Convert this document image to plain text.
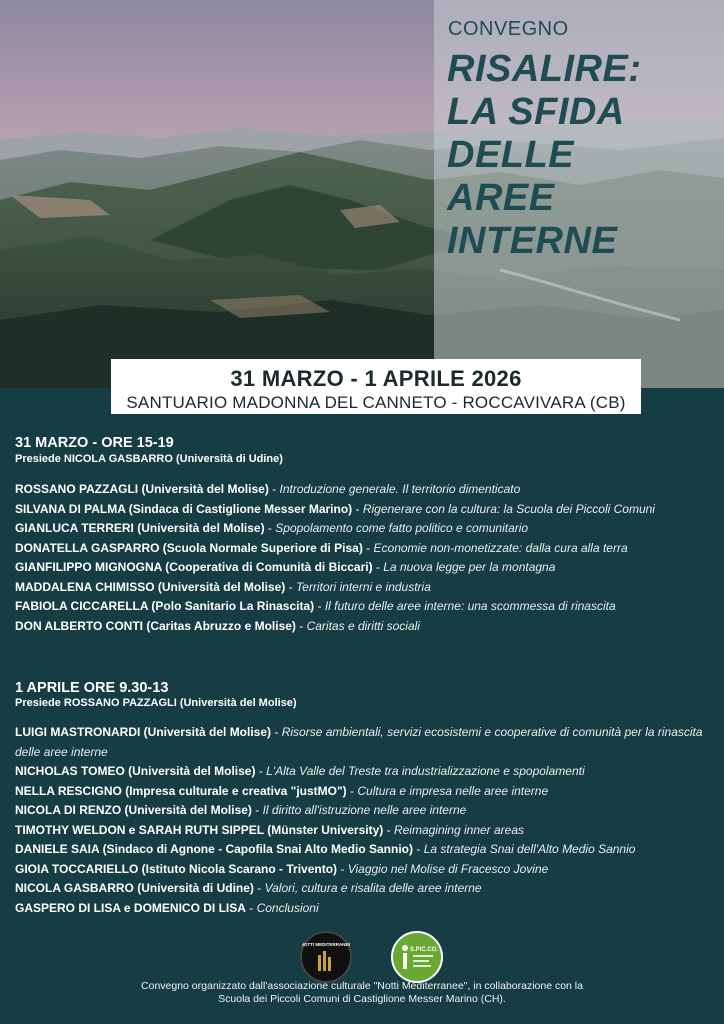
CONVEGNO
RISALIRE:
LA SFIDA
DELLE
AREE
INTERNE
31 MARZO - 1 APRILE 2026
SANTUARIO MADONNA DEL CANNETO - ROCCAVIVARA (CB)
31 MARZO - ORE 15-19
Presiede NICOLA GASBARRO (Università di Udine)
ROSSANO PAZZAGLI (Università del Molise) - Introduzione generale. Il territorio dimenticato
SILVANA DI PALMA (Sindaca di Castiglione Messer Marino) - Rigenerare con la cultura: la Scuola dei Piccoli Comuni
GIANLUCA TERRERI (Università del Molise) - Spopolamento come fatto politico e comunitario
DONATELLA GASPARRO (Scuola Normale Superiore di Pisa) - Economie non-monetizzate: dalla cura alla terra
GIANFILIPPO MIGNOGNA (Cooperativa di Comunità di Biccari) - La nuova legge per la montagna
MADDALENA CHIMISSO (Università del Molise) - Territori interni e industria
FABIOLA CICCARELLA (Polo Sanitario La Rinascita) - Il futuro delle aree interne: una scommessa di rinascita
DON ALBERTO CONTI (Caritas Abruzzo e Molise) - Caritas e diritti sociali
1 APRILE ORE 9.30-13
Presiede ROSSANO PAZZAGLI (Università del Molise)
LUIGI MASTRONARDI (Università del Molise) - Risorse ambientali, servizi ecosistemi e cooperative di comunità per la rinascita delle aree interne
NICHOLAS TOMEO (Università del Molise) - L'Alta Valle del Treste tra industrializzazione e spopolamenti
NELLA RESCIGNO (Impresa culturale e creativa "justMO") - Cultura e impresa nelle aree interne
NICOLA DI RENZO (Università del Molise) - Il diritto all'istruzione nelle aree interne
TIMOTHY WELDON e SARAH RUTH SIPPEL (Münster University) - Reimagining inner areas
DANIELE SAIA (Sindaco di Agnone - Capofila Snai Alto Medio Sannio) - La strategia Snai dell'Alto Medio Sannio
GIOIA TOCCARIELLO (Istituto Nicola Scarano - Trivento) - Viaggio nel Molise di Fracesco Jovine
NICOLA GASBARRO (Università di Udine) - Valori, cultura e risalita delle aree interne
GASPERO DI LISA e DOMENICO DI LISA - Conclusioni
NOTTI MEDITERRANEE
S.PIC.CO.
Convegno organizzato dall'associazione culturale "Notti Mediterranee", in collaborazione con la
Scuola dei Piccoli Comuni di Castiglione Messer Marino (CH).
